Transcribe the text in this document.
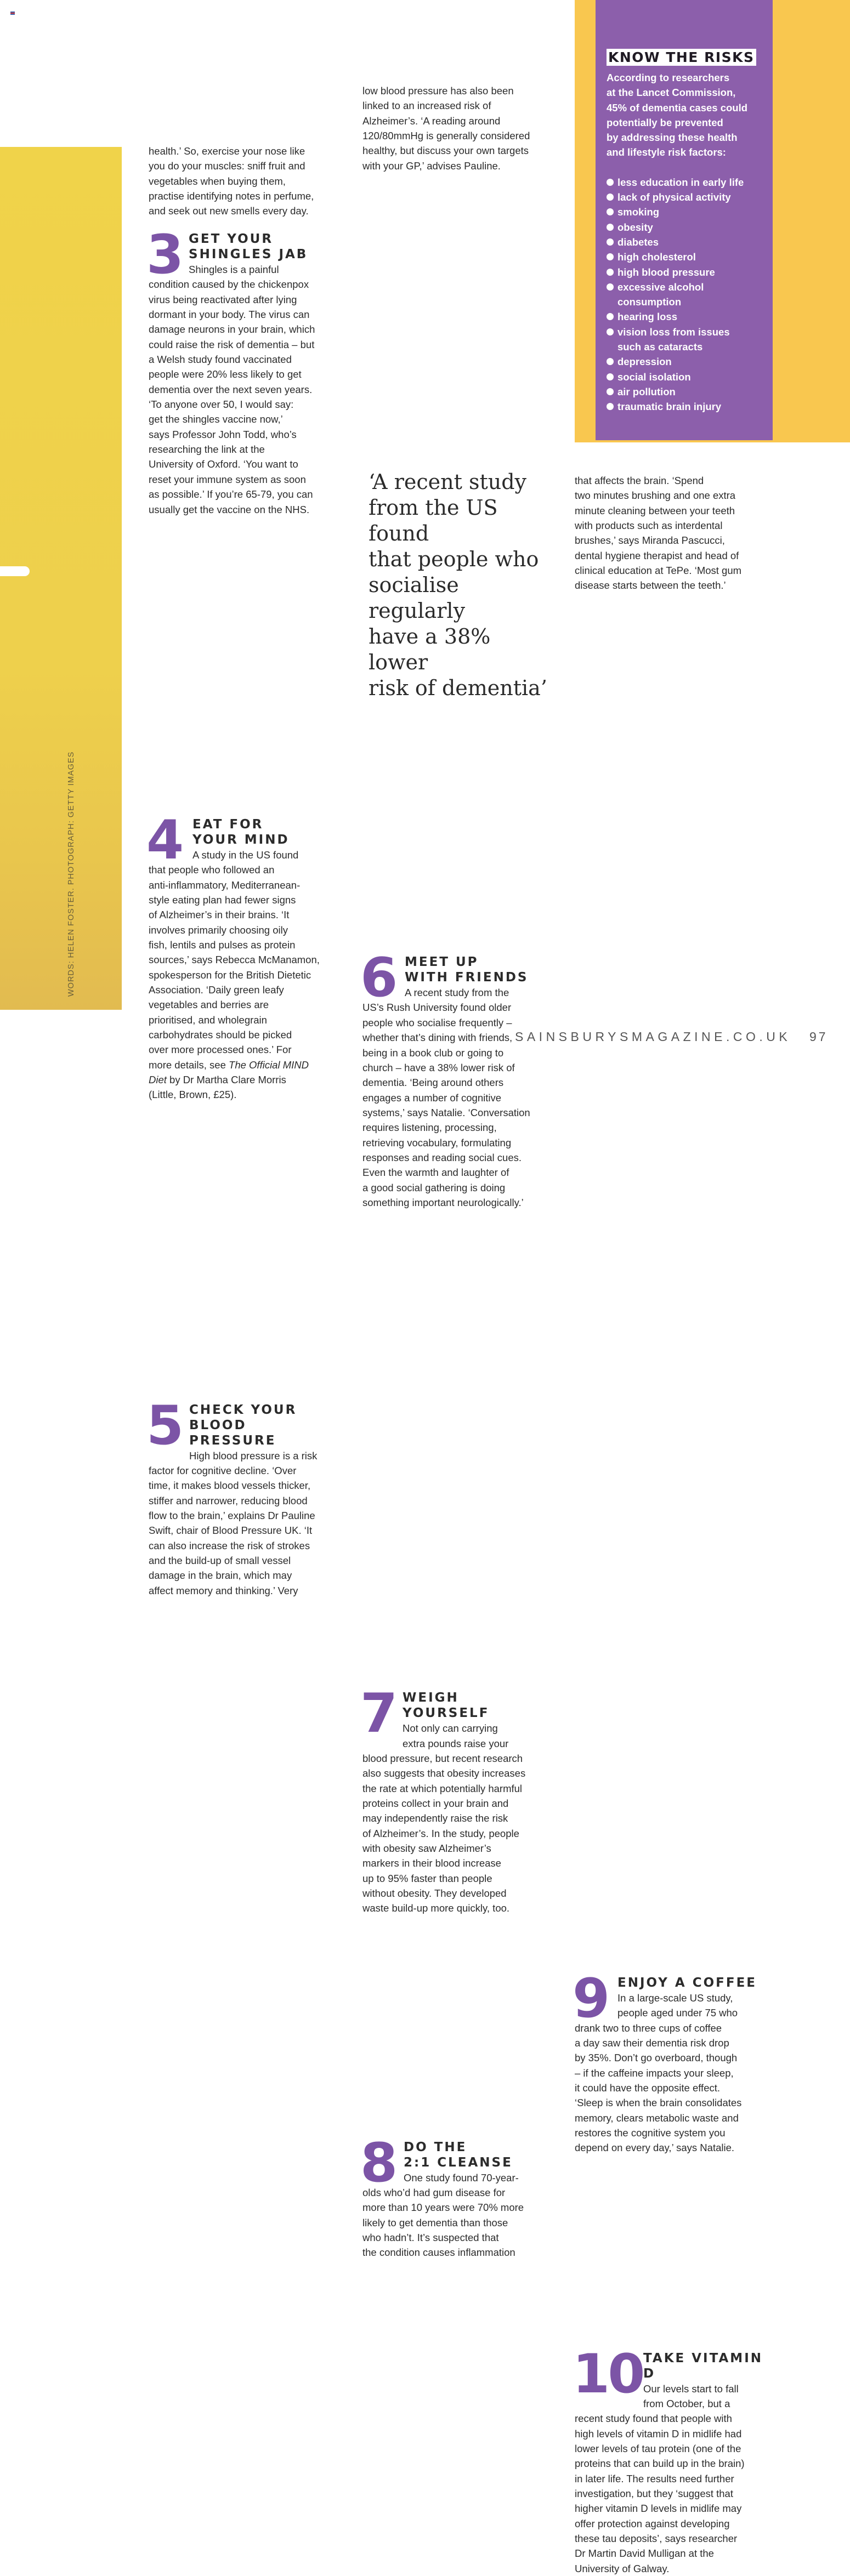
WORDS: HELEN FOSTER. PHOTOGRAPH: GETTY IMAGES
KNOW THE RISKS
According to researchers
at the Lancet Commission,
45% of dementia cases could
potentially be prevented
by addressing these health
and lifestyle risk factors:
less education in early life
lack of physical activity
smoking
obesity
diabetes
high cholesterol
high blood pressure
excessive alcohol
consumption
hearing loss
vision loss from issues
such as cataracts
depression
social isolation
air pollution
traumatic brain injury
health.’ So, exercise your nose like
you do your muscles: sniff fruit and
vegetables when buying them,
practise identifying notes in perfume,
and seek out new smells every day.
3 GET YOUR
SHINGLES JAB
Shingles is a painful
condition caused by the chickenpox
virus being reactivated after lying
dormant in your body. The virus can
damage neurons in your brain, which
could raise the risk of dementia – but
a Welsh study found vaccinated
people were 20% less likely to get
dementia over the next seven years.
‘To anyone over 50, I would say:
get the shingles vaccine now,’
says Professor John Todd, who’s
researching the link at the
University of Oxford. ‘You want to
reset your immune system as soon
as possible.’ If you’re 65-79, you can
usually get the vaccine on the NHS.
4 EAT FOR
YOUR MIND
A study in the US found
that people who followed an
anti-inflammatory, Mediterranean-
style eating plan had fewer signs
of Alzheimer’s in their brains. ‘It
involves primarily choosing oily
fish, lentils and pulses as protein
sources,’ says Rebecca McManamon,
spokesperson for the British Dietetic
Association. ‘Daily green leafy
vegetables and berries are
prioritised, and wholegrain
carbohydrates should be picked
over more processed ones.’ For
more details, see The Official MIND
Diet by Dr Martha Clare Morris
(Little, Brown, £25).
5 CHECK YOUR
BLOOD PRESSURE
High blood pressure is a risk
factor for cognitive decline. ‘Over
time, it makes blood vessels thicker,
stiffer and narrower, reducing blood
flow to the brain,’ explains Dr Pauline
Swift, chair of Blood Pressure UK. ‘It
can also increase the risk of strokes
and the build-up of small vessel
damage in the brain, which may
affect memory and thinking.’ Very
low blood pressure has also been
linked to an increased risk of
Alzheimer’s. ‘A reading around
120/80mmHg is generally considered
healthy, but discuss your own targets
with your GP,’ advises Pauline.
6 MEET UP
WITH FRIENDS
A recent study from the
US’s Rush University found older
people who socialise frequently –
whether that’s dining with friends,
being in a book club or going to
church – have a 38% lower risk of
dementia. ‘Being around others
engages a number of cognitive
systems,’ says Natalie. ‘Conversation
requires listening, processing,
retrieving vocabulary, formulating
responses and reading social cues.
Even the warmth and laughter of
a good social gathering is doing
something important neurologically.’
‘A recent study
from the US found
that people who
socialise regularly
have a 38% lower
risk of dementia’
7 WEIGH YOURSELF
Not only can carrying
extra pounds raise your
blood pressure, but recent research
also suggests that obesity increases
the rate at which potentially harmful
proteins collect in your brain and
may independently raise the risk
of Alzheimer’s. In the study, people
with obesity saw Alzheimer’s
markers in their blood increase
up to 95% faster than people
without obesity. They developed
waste build-up more quickly, too.
8 DO THE
2:1 CLEANSE
One study found 70-year-
olds who’d had gum disease for
more than 10 years were 70% more
likely to get dementia than those
who hadn’t. It’s suspected that
the condition causes inflammation
that affects the brain. ‘Spend
two minutes brushing and one extra
minute cleaning between your teeth
with products such as interdental
brushes,’ says Miranda Pascucci,
dental hygiene therapist and head of
clinical education at TePe. ‘Most gum
disease starts between the teeth.’
9 ENJOY A COFFEE
In a large-scale US study,
people aged under 75 who
drank two to three cups of coffee
a day saw their dementia risk drop
by 35%. Don’t go overboard, though
– if the caffeine impacts your sleep,
it could have the opposite effect.
‘Sleep is when the brain consolidates
memory, clears metabolic waste and
restores the cognitive system you
depend on every day,’ says Natalie.
10 TAKE VITAMIN D
Our levels start to fall
from October, but a
recent study found that people with
high levels of vitamin D in midlife had
lower levels of tau protein (one of the
proteins that can build up in the brain)
in later life. The results need further
investigation, but they ‘suggest that
higher vitamin D levels in midlife may
offer protection against developing
these tau deposits’, says researcher
Dr Martin David Mulligan at the
University of Galway.
SAINSBURYSMAGAZINE.CO.UK 97
